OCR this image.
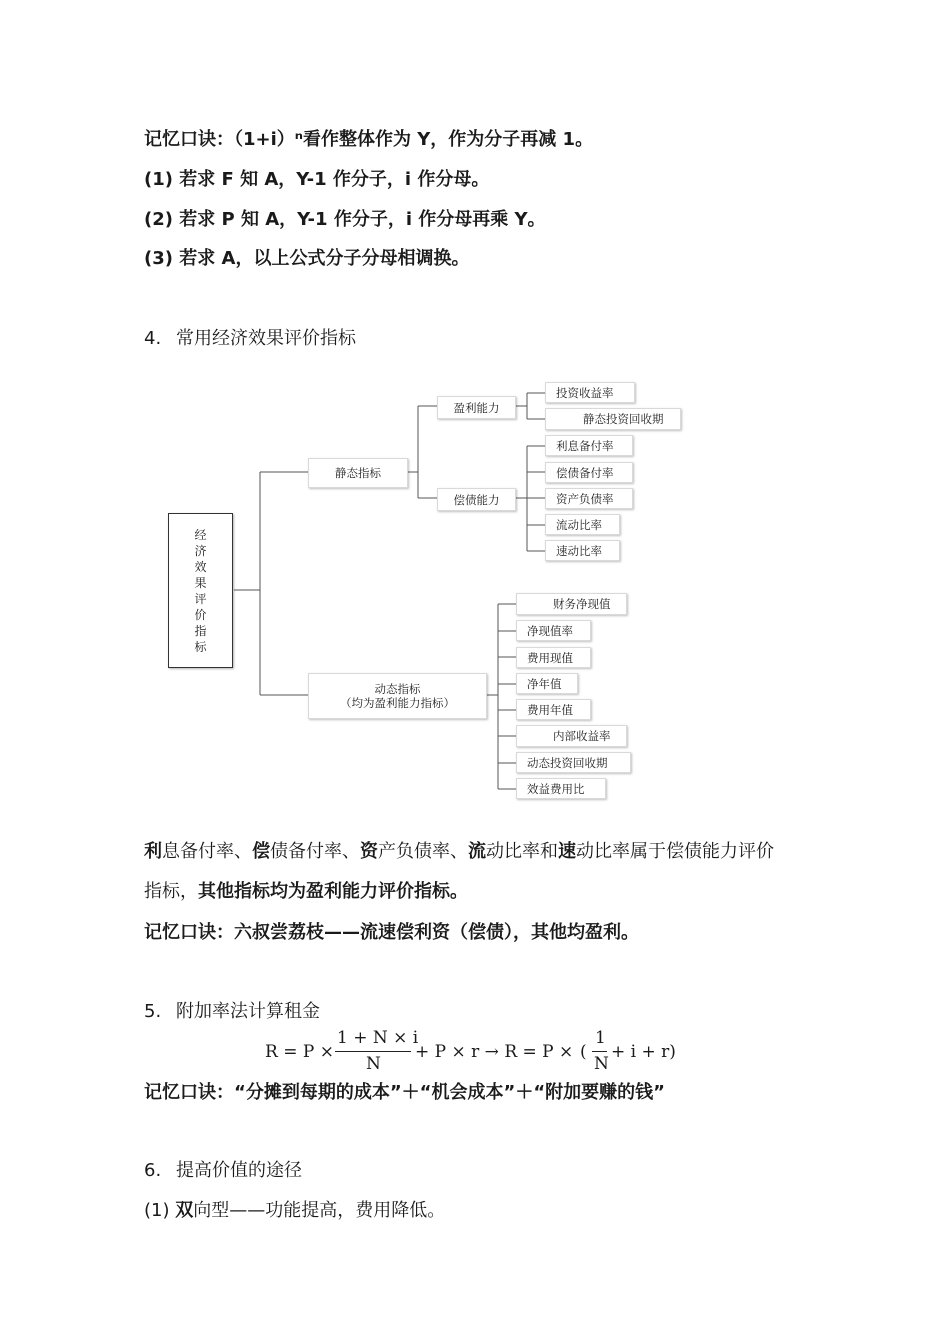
记忆口诀：（1+i）ⁿ看作整体作为 Y，作为分子再减 1。
(1) 若求 F 知 A，Y-1 作分子，i 作分母。
(2) 若求 P 知 A，Y-1 作分子，i 作分母再乘 Y。
(3) 若求 A，以上公式分子分母相调换。
4. 常用经济效果评价指标
经
济
效
果
评
价
指
标
静态指标
动态指标
（均为盈利能力指标）
盈利能力
偿债能力
投资收益率
静态投资回收期
利息备付率
偿债备付率
资产负债率
流动比率
速动比率
财务净现值
净现值率
费用现值
净年值
费用年值
内部收益率
动态投资回收期
效益费用比
利息备付率、偿债备付率、资产负债率、流动比率和速动比率属于偿债能力评价
指标，其他指标均为盈利能力评价指标。
记忆口诀：六叔尝荔枝——流速偿利资（偿债），其他均盈利。
5. 附加率法计算租金
R = P ×
1 + N × i
N
+ P × r → R = P × (
1
N
+ i + r)
记忆口诀：“分摊到每期的成本”＋“机会成本”＋“附加要赚的钱”
6. 提高价值的途径
(1) 双向型——功能提高，费用降低。
